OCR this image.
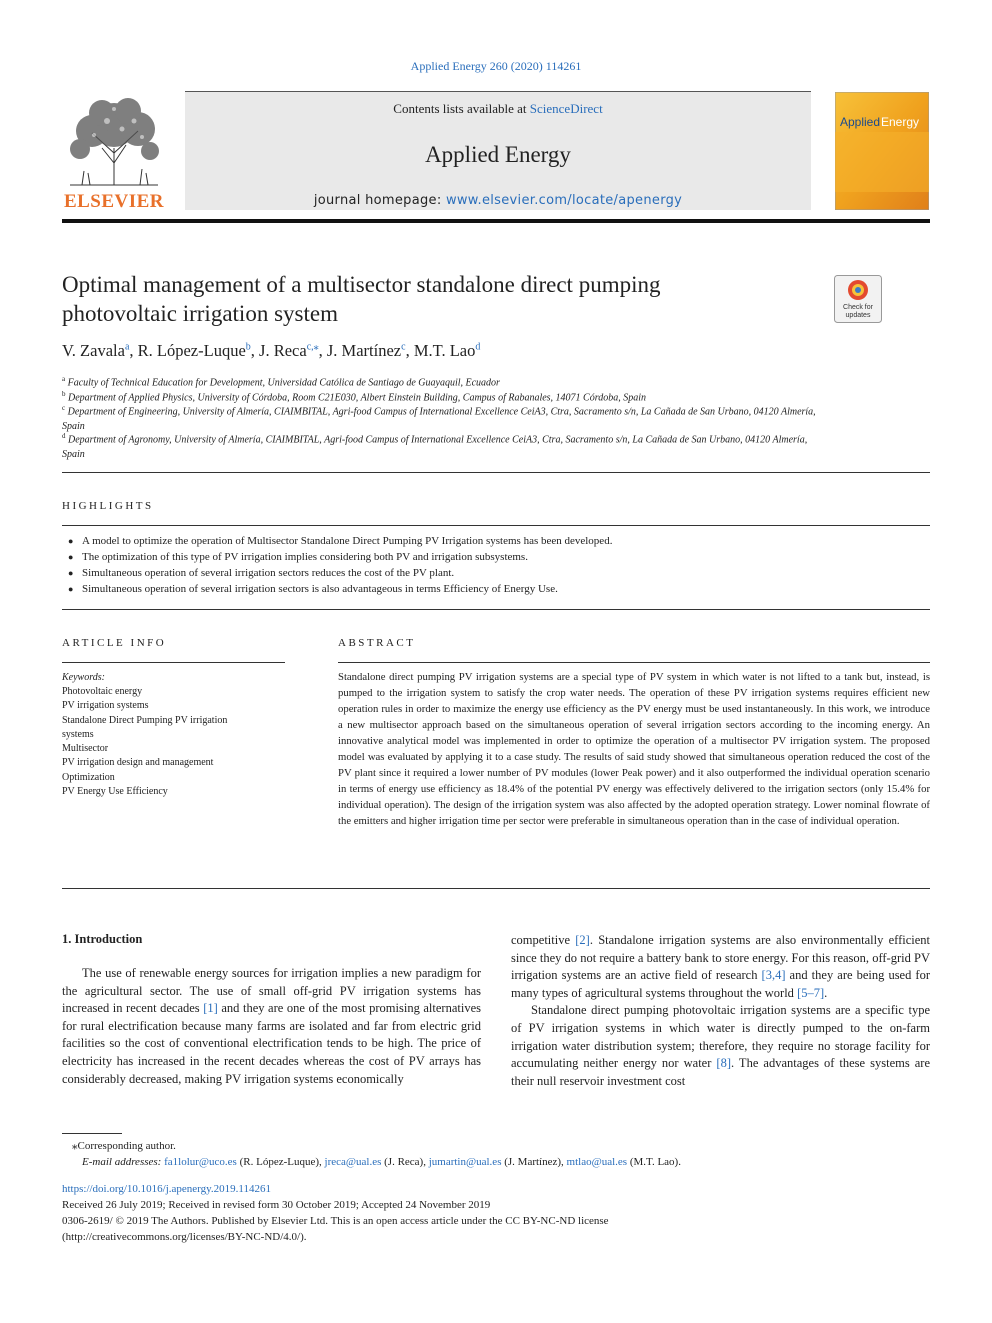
Applied Energy 260 (2020) 114261
ELSEVIER
Contents lists available at ScienceDirect
Applied Energy
journal homepage: www.elsevier.com/locate/apenergy
Applied Energy
Optimal management of a multisector standalone direct pumping
photovoltaic irrigation system	Check for
updates
V. Zavala$^a$, R. López-Luque$^b$, J. Reca$^{c,⁎}$, J. Martínez$^c$, M.T. Lao$^d$
$^a$ Faculty of Technical Education for Development, Universidad Católica de Santiago de Guayaquil, Ecuador
$^b$ Department of Applied Physics, University of Córdoba, Room C21E030, Albert Einstein Building, Campus of Rabanales, 14071 Córdoba, Spain
$^c$ Department of Engineering, University of Almería, CIAIMBITAL, Agri-food Campus of International Excellence CeiA3, Ctra, Sacramento s/n, La Cañada de San Urbano, 04120 Almería, Spain
$^d$ Department of Agronomy, University of Almería, CIAIMBITAL, Agri-food Campus of International Excellence CeiA3, Ctra, Sacramento s/n, La Cañada de San Urbano, 04120 Almería, Spain
HIGHLIGHTS
● A model to optimize the operation of Multisector Standalone Direct Pumping PV Irrigation systems has been developed.
● The optimization of this type of PV irrigation implies considering both PV and irrigation subsystems.
● Simultaneous operation of several irrigation sectors reduces the cost of the PV plant.
● Simultaneous operation of several irrigation sectors is also advantageous in terms Efficiency of Energy Use.
ARTICLE INFO
Keywords:
Photovoltaic energy
PV irrigation systems
Standalone Direct Pumping PV irrigation
systems
Multisector
PV irrigation design and management
Optimization
PV Energy Use Efficiency
ABSTRACT
Standalone direct pumping PV irrigation systems are a special type of PV system in which water is not lifted to a tank but, instead, is pumped to the irrigation system to satisfy the crop water needs. The operation of these PV irrigation systems requires efficient new operation rules in order to maximize the energy use efficiency as the PV energy must be used instantaneously. In this work, we introduce a new multisector approach based on the simultaneous operation of several irrigation sectors according to the incoming energy. An innovative analytical model was implemented in order to optimize the operation of a multisector PV irrigation system. The proposed model was evaluated by applying it to a case study. The results of said study showed that simultaneous operation reduced the cost of the PV plant since it required a lower number of PV modules (lower Peak power) and it also outperformed the individual operation scenario in terms of energy use efficiency as 18.4% of the potential PV energy was effectively delivered to the irrigation sectors (only 15.4% for individual operation). The design of the irrigation system was also affected by the adopted operation strategy. Lower nominal flowrate of the emitters and higher irrigation time per sector were preferable in simultaneous operation than in the case of individual operation.
1. Introduction
The use of renewable energy sources for irrigation implies a new paradigm for the agricultural sector. The use of small off-grid PV irrigation systems has increased in recent decades [1] and they are one of the most promising alternatives for rural electrification because many farms are isolated and far from electric grid facilities so the cost of conventional electrification tends to be high. The price of electricity has increased in the recent decades whereas the cost of PV arrays has considerably decreased, making PV irrigation systems economically
competitive [2]. Standalone irrigation systems are also environmentally efficient since they do not require a battery bank to store energy. For this reason, off-grid PV irrigation systems are an active field of research [3,4] and they are being used for many types of agricultural systems throughout the world [5–7].
Standalone direct pumping photovoltaic irrigation systems are a specific type of PV irrigation systems in which water is directly pumped to the on-farm irrigation water distribution system; therefore, they require no storage facility for accumulating neither energy nor water [8]. The advantages of these systems are their null reservoir investment cost
⁎Corresponding author.
E-mail addresses: fa1lolur@uco.es (R. López-Luque), jreca@ual.es (J. Reca), jumartin@ual.es (J. Martínez), mtlao@ual.es (M.T. Lao).
https://doi.org/10.1016/j.apenergy.2019.114261
Received 26 July 2019; Received in revised form 30 October 2019; Accepted 24 November 2019
0306-2619/ © 2019 The Authors. Published by Elsevier Ltd. This is an open access article under the CC BY-NC-ND license
(http://creativecommons.org/licenses/BY-NC-ND/4.0/).
